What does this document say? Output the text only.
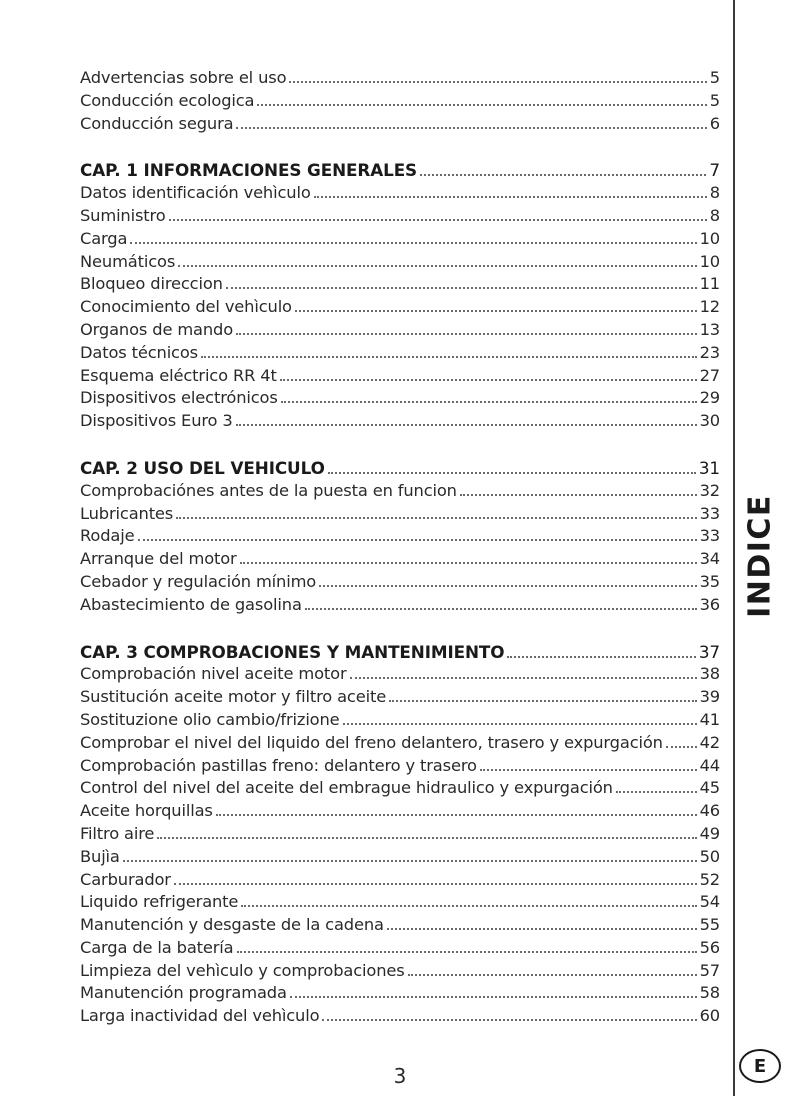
Advertencias sobre el uso	5
Conducción ecologica	5
Conducción segura	6
CAP. 1 INFORMACIONES GENERALES	7
Datos identificación vehìculo	8
Suministro	8
Carga	10
Neumáticos	10
Bloqueo direccion	11
Conocimiento del vehìculo	12
Organos de mando	13
Datos técnicos	23
Esquema eléctrico RR 4t	27
Dispositivos electrónicos	29
Dispositivos Euro 3	30
CAP. 2 USO DEL VEHICULO	31
Comprobaciónes antes de la puesta en funcion	32
Lubricantes	33
Rodaje	33
Arranque del motor	34
Cebador y regulación mínimo	35
Abastecimiento de gasolina	36
CAP. 3 COMPROBACIONES Y MANTENIMIENTO	37
Comprobación nivel aceite motor	38
Sustitución aceite motor y filtro aceite	39
Sostituzione olio cambio/frizione	41
Comprobar el nivel del liquido del freno delantero, trasero y expurgación 42
Comprobación pastillas freno: delantero y trasero	44
Control del nivel del aceite del embrague hidraulico y expurgación	45
Aceite horquillas	46
Filtro aire	49
Bujìa	50
Carburador	52
Liquido refrigerante	54
Manutención y desgaste de la cadena	55
Carga de la batería	56
Limpieza del vehìculo y comprobaciones	57
Manutención programada	58
Larga inactividad del vehìculo	60
INDICE
E
3
